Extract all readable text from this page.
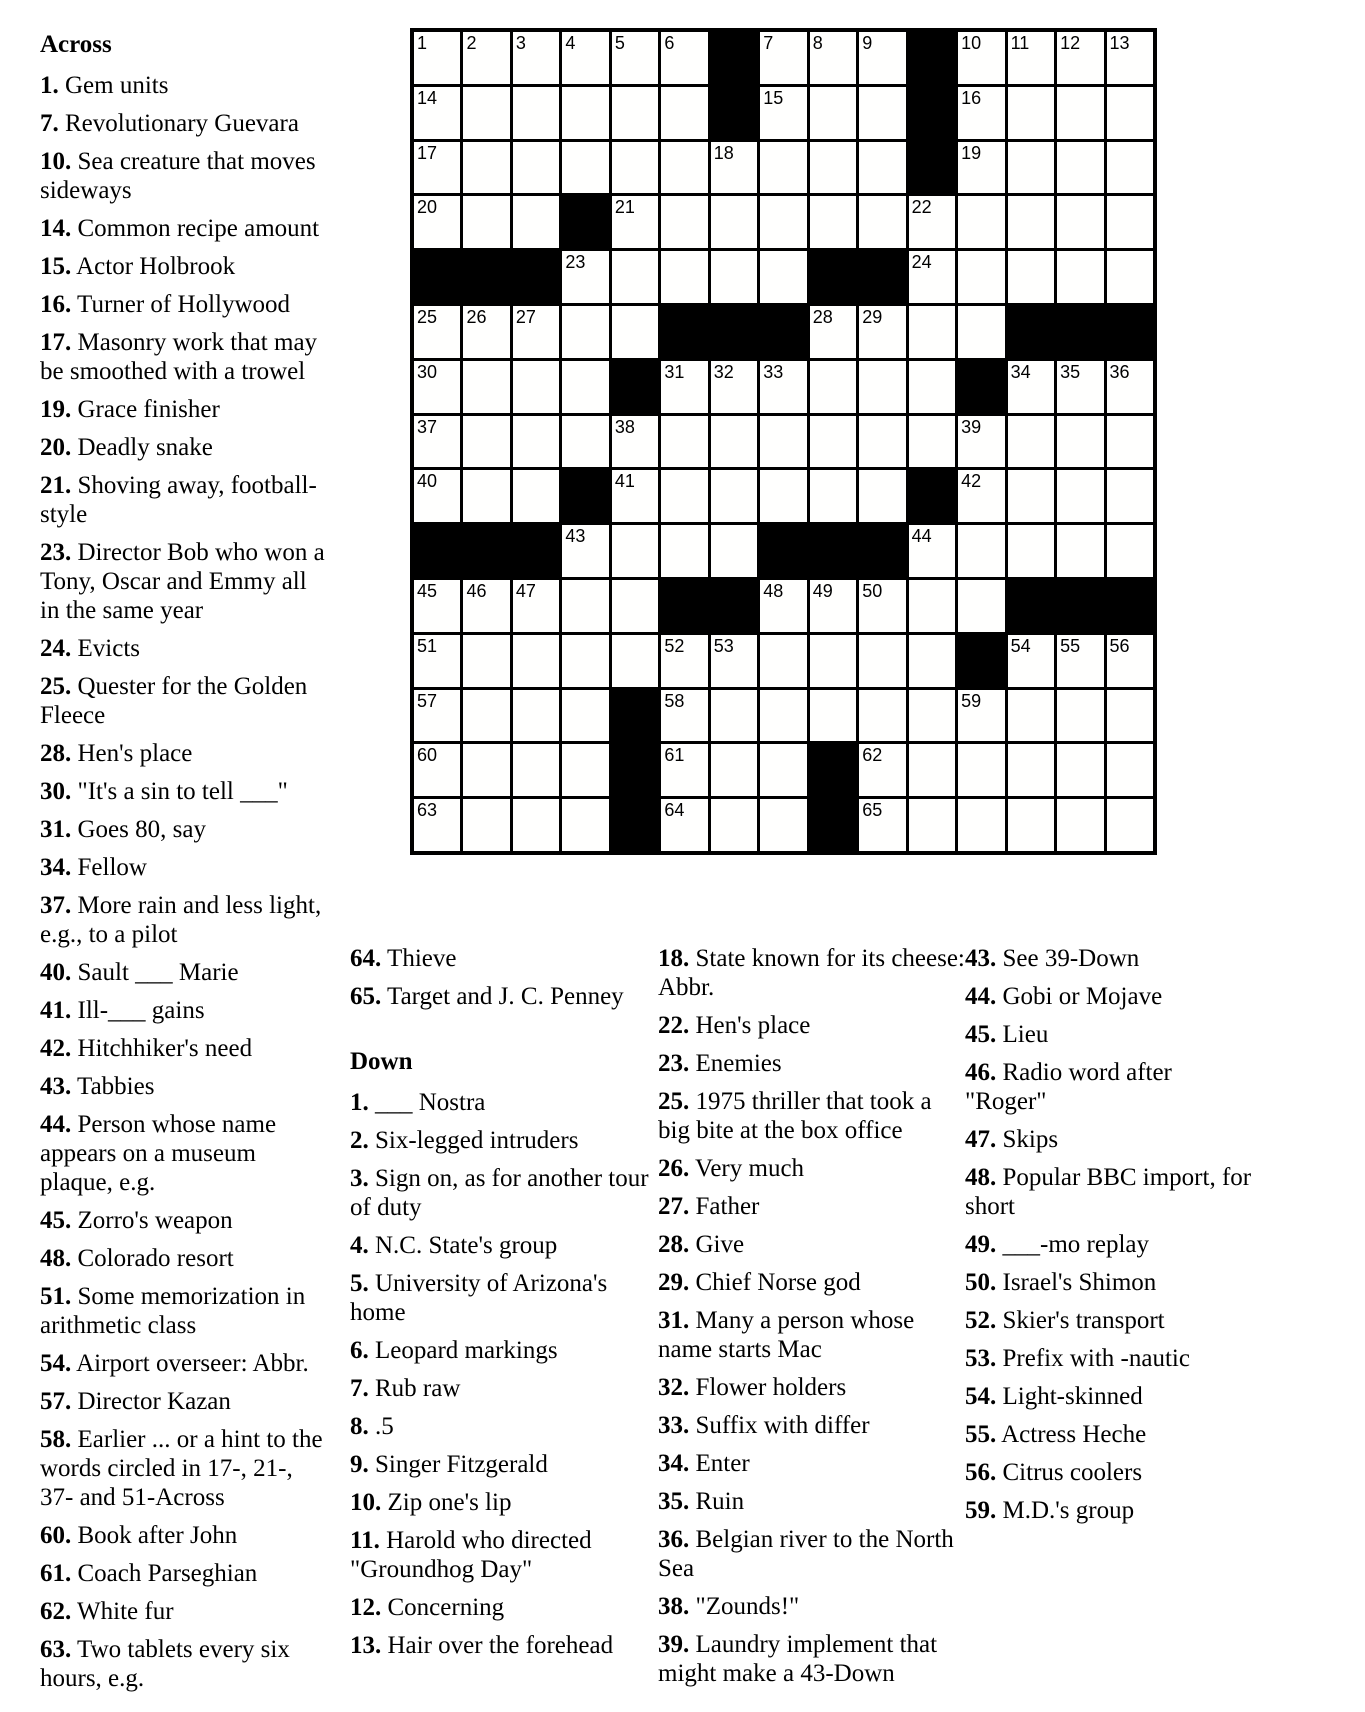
1 2 3 4 5 6	7 8 9	10 11 12 13
14	15	16
17	18	19
20	21	22
23	24
25 26 27	28 29
30	31 32 33	34 35 36
37	38	39
40	41	42
43	44
45 46 47	48 49 50
51	52 53	54 55 56
57	58	59
60	61	62
63	64	65

Across

1. Gem units

7. Revolutionary Guevara

10. Sea creature that moves sideways

14. Common recipe amount

15. Actor Holbrook

16. Turner of Hollywood

17. Masonry work that may be smoothed with a trowel

19. Grace finisher

20. Deadly snake

21. Shoving away, football-style

23. Director Bob who won a Tony, Oscar and Emmy all in the same year

24. Evicts

25. Quester for the Golden Fleece

28. Hen's place

30. "It's a sin to tell ___"

31. Goes 80, say

34. Fellow

37. More rain and less light, e.g., to a pilot

40. Sault ___ Marie

41. Ill-___ gains

42. Hitchhiker's need

43. Tabbies

44. Person whose name appears on a museum plaque, e.g.

45. Zorro's weapon

48. Colorado resort

51. Some memorization in arithmetic class

54. Airport overseer: Abbr.

57. Director Kazan

58. Earlier ... or a hint to the words circled in 17-, 21-, 37- and 51-Across

60. Book after John

61. Coach Parseghian

62. White fur

63. Two tablets every six hours, e.g.

64. Thieve

65. Target and J. C. Penney

Down

1. ___ Nostra

2. Six-legged intruders

3. Sign on, as for another tour of duty

4. N.C. State's group

5. University of Arizona's home

6. Leopard markings

7. Rub raw

8. .5

9. Singer Fitzgerald

10. Zip one's lip

11. Harold who directed "Groundhog Day"

12. Concerning

13. Hair over the forehead

18. State known for its cheese: Abbr.

22. Hen's place

23. Enemies

25. 1975 thriller that took a big bite at the box office

26. Very much

27. Father

28. Give

29. Chief Norse god

31. Many a person whose name starts Mac

32. Flower holders

33. Suffix with differ

34. Enter

35. Ruin

36. Belgian river to the North Sea

38. "Zounds!"

39. Laundry implement that might make a 43-Down

43. See 39-Down

44. Gobi or Mojave

45. Lieu

46. Radio word after "Roger"

47. Skips

48. Popular BBC import, for short

49. ___-mo replay

50. Israel's Shimon

52. Skier's transport

53. Prefix with -nautic

54. Light-skinned

55. Actress Heche

56. Citrus coolers

59. M.D.'s group
